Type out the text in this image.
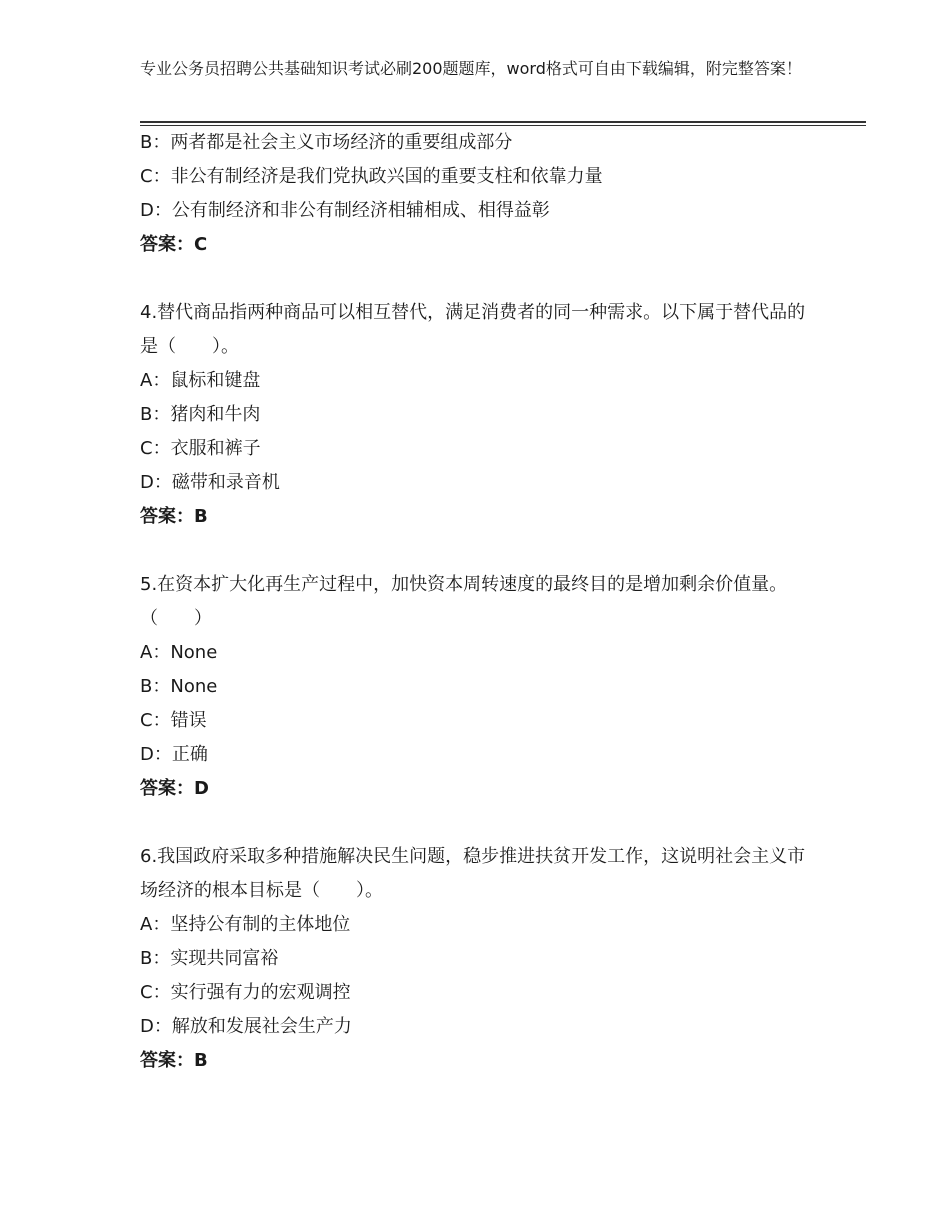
专业公务员招聘公共基础知识考试必刷200题题库，word格式可自由下载编辑，附完整答案！
B：两者都是社会主义市场经济的重要组成部分
C：非公有制经济是我们党执政兴国的重要支柱和依靠力量
D：公有制经济和非公有制经济相辅相成、相得益彰
答案：C
4.替代商品指两种商品可以相互替代，满足消费者的同一种需求。以下属于替代品的是（　　）。
A：鼠标和键盘
B：猪肉和牛肉
C：衣服和裤子
D：磁带和录音机
答案：B
5.在资本扩大化再生产过程中，加快资本周转速度的最终目的是增加剩余价值量。（　　）
A：None
B：None
C：错误
D：正确
答案：D
6.我国政府采取多种措施解决民生问题，稳步推进扶贫开发工作，这说明社会主义市场经济的根本目标是（　　）。
A：坚持公有制的主体地位
B：实现共同富裕
C：实行强有力的宏观调控
D：解放和发展社会生产力
答案：B
